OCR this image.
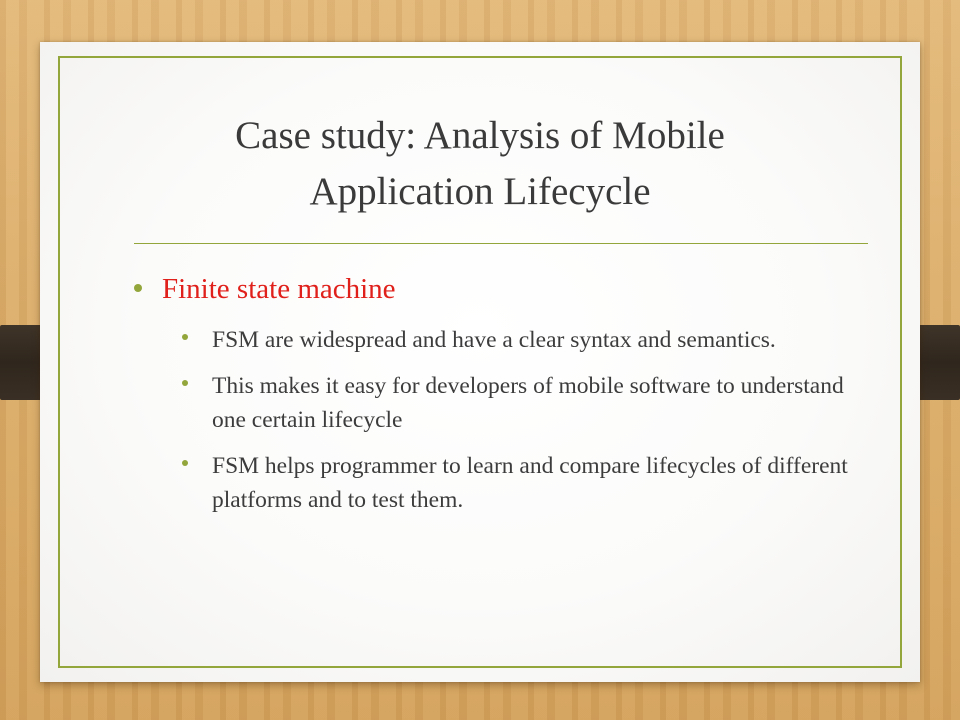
Case study: Analysis of Mobile
Application Lifecycle
Finite state machine
FSM are widespread and have a clear syntax and semantics.
This makes it easy for developers of mobile software to understand one certain lifecycle
FSM helps programmer to learn and compare lifecycles of different platforms and to test them.
